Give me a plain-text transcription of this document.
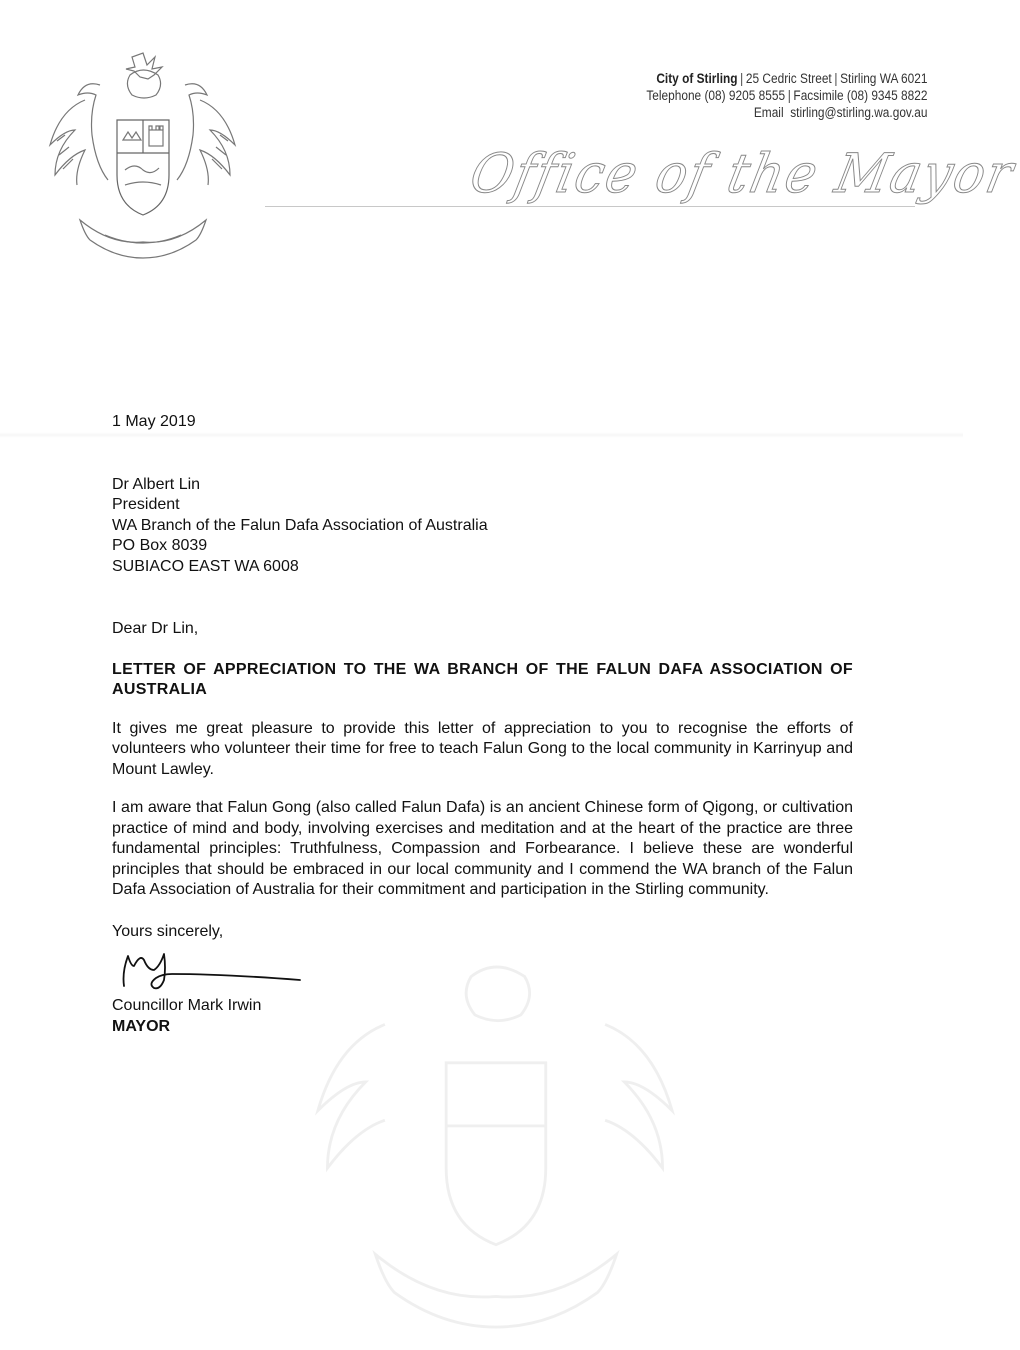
City of Stirling | 25 Cedric Street | Stirling WA 6021
Telephone (08) 9205 8555 | Facsimile (08) 9345 8822
Email stirling@stirling.wa.gov.au
Office of the Mayor
1 May 2019
Dr Albert Lin
President
WA Branch of the Falun Dafa Association of Australia
PO Box 8039
SUBIACO EAST WA 6008
Dear Dr Lin,
LETTER OF APPRECIATION TO THE WA BRANCH OF THE FALUN DAFA ASSOCIATION OF AUSTRALIA
It gives me great pleasure to provide this letter of appreciation to you to recognise the efforts of volunteers who volunteer their time for free to teach Falun Gong to the local community in Karrinyup and Mount Lawley.
I am aware that Falun Gong (also called Falun Dafa) is an ancient Chinese form of Qigong, or cultivation practice of mind and body, involving exercises and meditation and at the heart of the practice are three fundamental principles: Truthfulness, Compassion and Forbearance. I believe these are wonderful principles that should be embraced in our local community and I commend the WA branch of the Falun Dafa Association of Australia for their commitment and participation in the Stirling community.
Yours sincerely,
Councillor Mark Irwin
MAYOR
